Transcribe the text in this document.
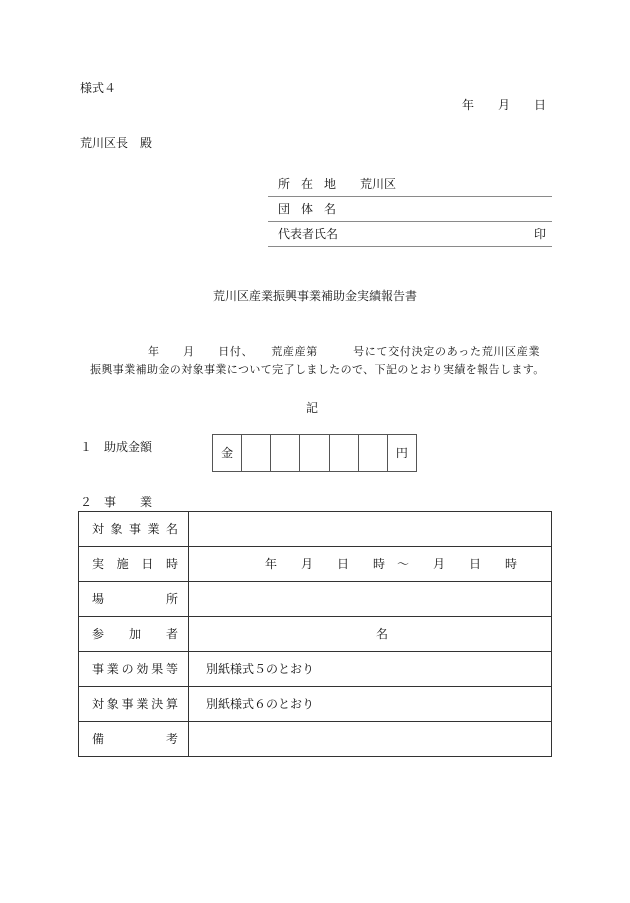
様式４
年　　月　　日
荒川区長　殿
所在地 荒川区
団体名
代表者氏名	印
荒川区産業振興事業補助金実績報告書
年　　月　　日付、　　荒産産第　　　号にて交付決定のあった荒川区産業
振興事業補助金の対象事業について完了しましたので、下記のとおり実績を報告します。
記
１　助成金額	金	円
２　事　　業
対象事業名	

実施日時	年　　月　　日　　時　～　　月　　日　　時

場所	

参加者	名

事業の効果等	別紙様式５のとおり

対象事業決算	別紙様式６のとおり

備考	
